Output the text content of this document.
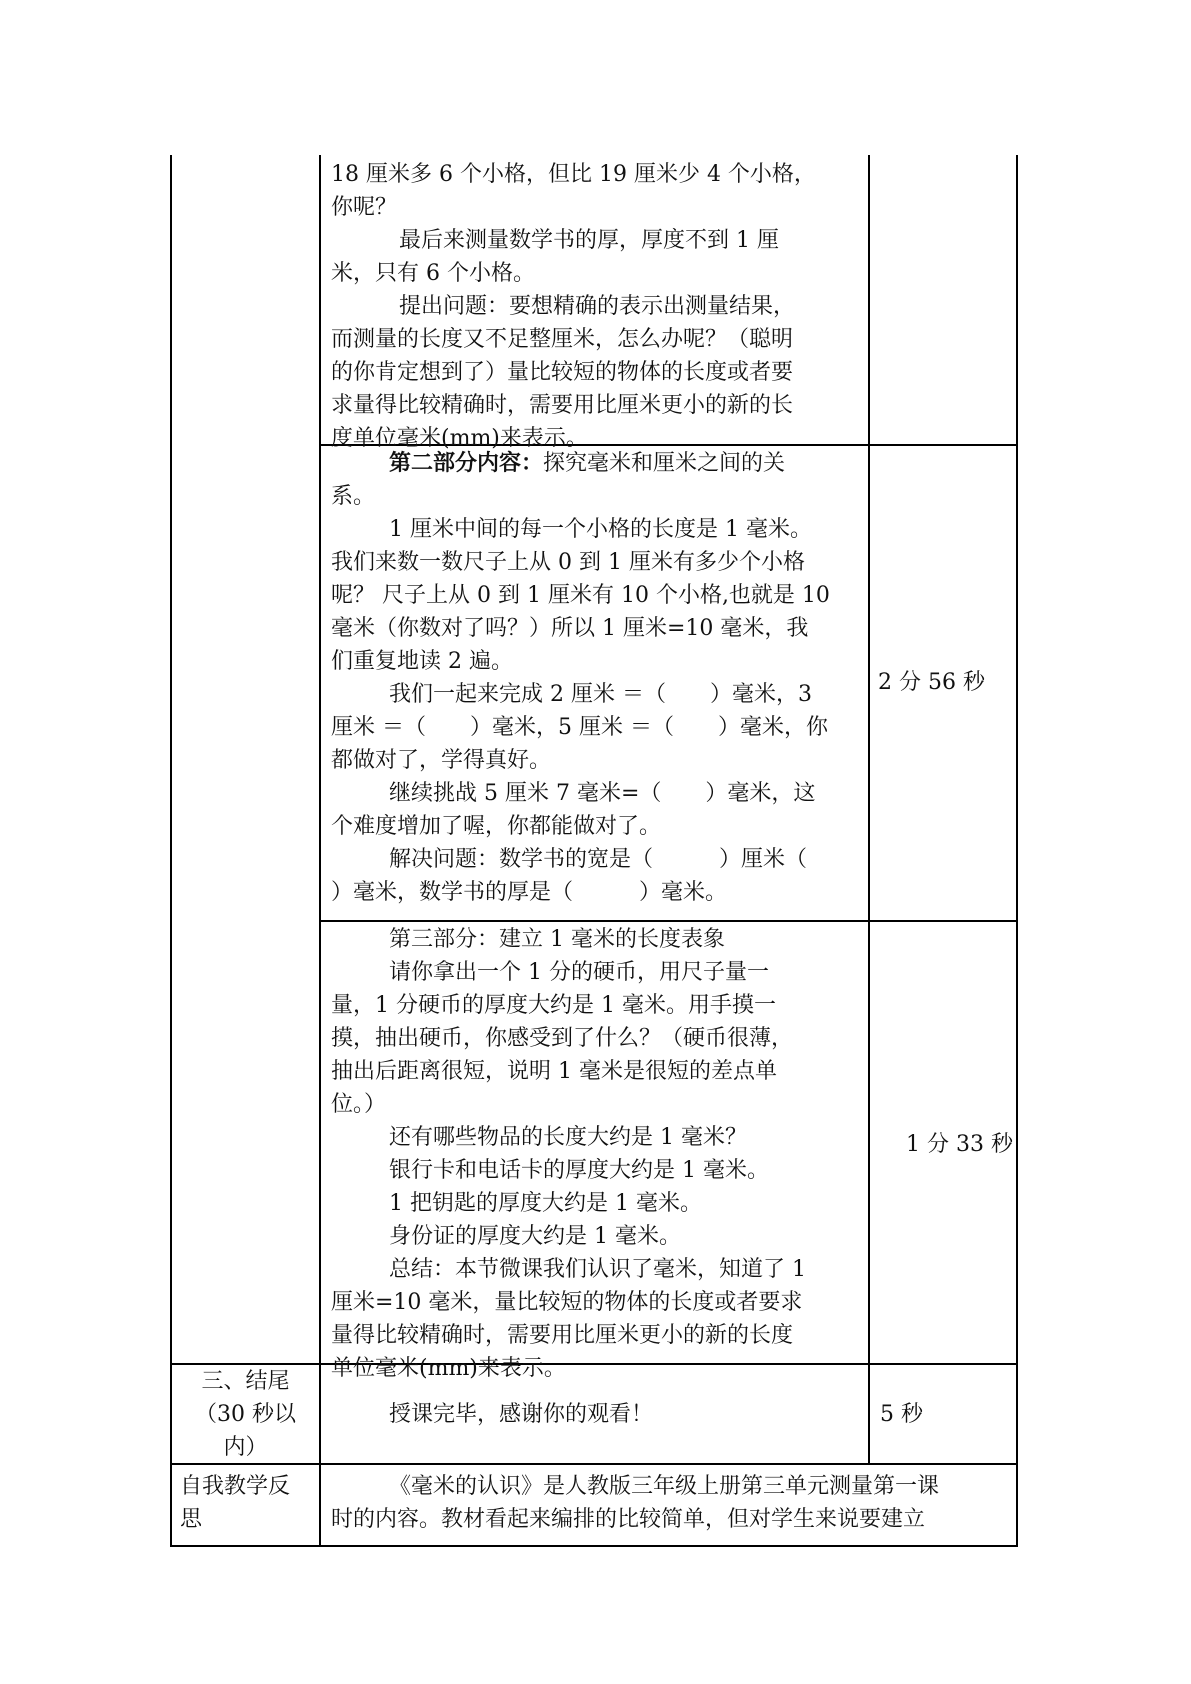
18 厘米多 6 个小格，但比 19 厘米少 4 个小格，

你呢？

最后来测量数学书的厚，厚度不到 1 厘

米，只有 6 个小格。

提出问题：要想精确的表示出测量结果，

而测量的长度又不足整厘米，怎么办呢？（聪明

的你肯定想到了）量比较短的物体的长度或者要

求量得比较精确时，需要用比厘米更小的新的长

度单位毫米(mm)来表示。

第二部分内容：探究毫米和厘米之间的关

系。

1 厘米中间的每一个小格的长度是 1 毫米。

我们来数一数尺子上从 0 到 1 厘米有多少个小格

呢？ 尺子上从 0 到 1 厘米有 10 个小格,也就是 10

毫米（你数对了吗？）所以 1 厘米=10 毫米，我

们重复地读 2 遍。

我们一起来完成 2 厘米 ＝（　　）毫米，3

厘米 ＝（　　）毫米，5 厘米 ＝（　　）毫米，你

都做对了，学得真好。

继续挑战 5 厘米 7 毫米=（　　）毫米，这

个难度增加了喔，你都能做对了。

解决问题：数学书的宽是（　　　）厘米（

）毫米，数学书的厚是（　　　）毫米。

2 分 56 秒

第三部分：建立 1 毫米的长度表象

请你拿出一个 1 分的硬币，用尺子量一

量，1 分硬币的厚度大约是 1 毫米。用手摸一

摸，抽出硬币，你感受到了什么？（硬币很薄，

抽出后距离很短，说明 1 毫米是很短的差点单

位。）

还有哪些物品的长度大约是 1 毫米？

银行卡和电话卡的厚度大约是 1 毫米。

1 把钥匙的厚度大约是 1 毫米。

身份证的厚度大约是 1 毫米。

总结：本节微课我们认识了毫米，知道了 1

厘米=10 毫米，量比较短的物体的长度或者要求

量得比较精确时，需要用比厘米更小的新的长度

单位毫米(mm)来表示。

1 分 33 秒

三、结尾

（30 秒以

内）

授课完毕，感谢你的观看！	5 秒

自我教学反

思

《毫米的认识》是人教版三年级上册第三单元测量第一课

时的内容。教材看起来编排的比较简单，但对学生来说要建立
